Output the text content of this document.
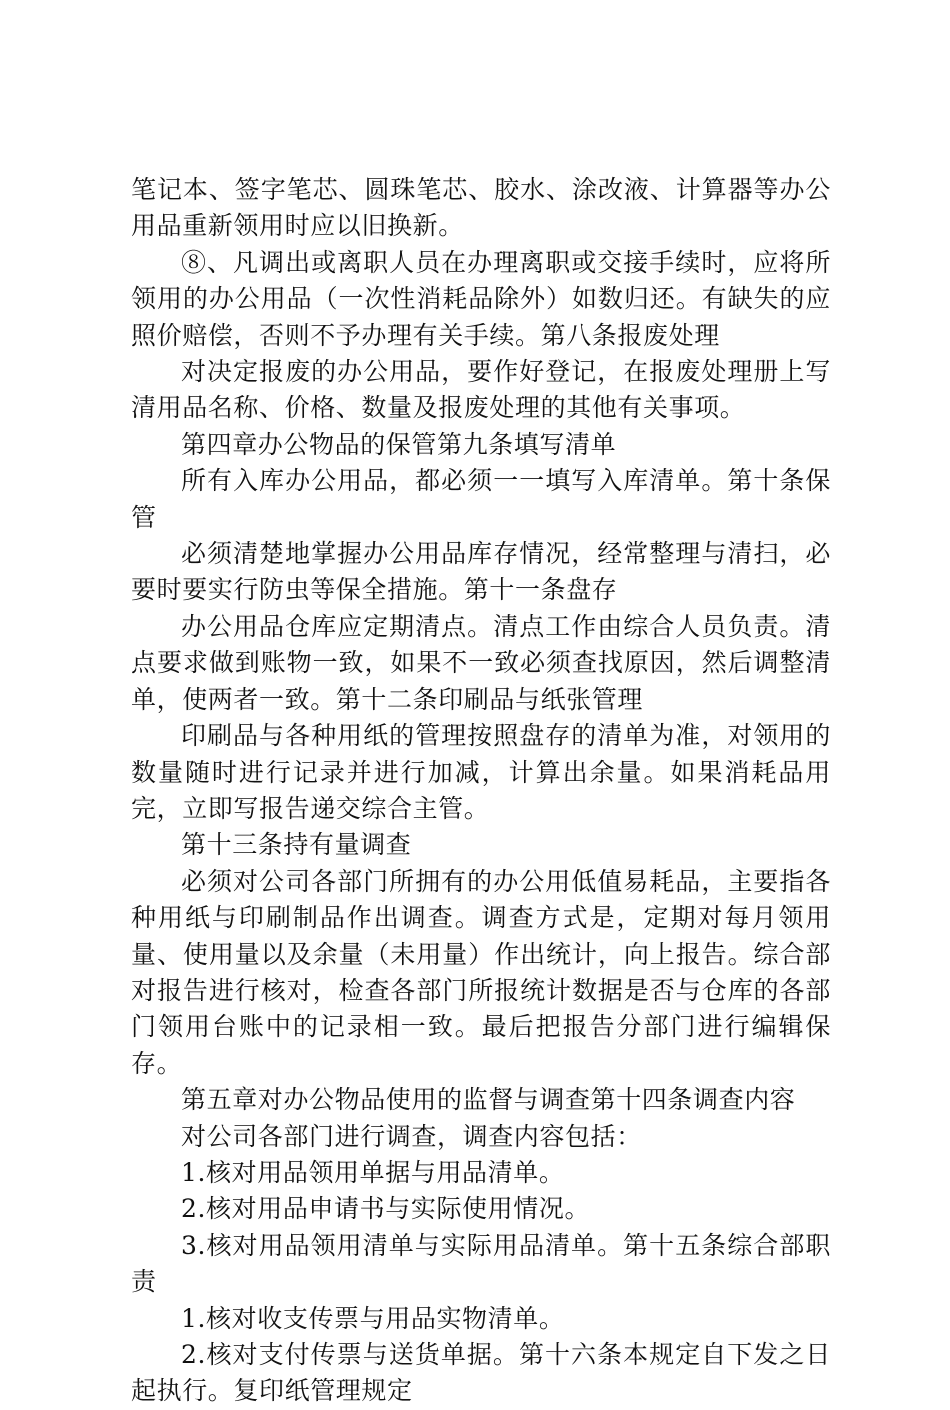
笔记本、签字笔芯、圆珠笔芯、胶水、涂改液、计算器等办公用品重新领用时应以旧换新。

⑧、凡调出或离职人员在办理离职或交接手续时，应将所领用的办公用品（一次性消耗品除外）如数归还。有缺失的应照价赔偿，否则不予办理有关手续。第八条报废处理

对决定报废的办公用品，要作好登记，在报废处理册上写清用品名称、价格、数量及报废处理的其他有关事项。

第四章办公物品的保管第九条填写清单

所有入库办公用品，都必须一一填写入库清单。第十条保管

必须清楚地掌握办公用品库存情况，经常整理与清扫，必要时要实行防虫等保全措施。第十一条盘存

办公用品仓库应定期清点。清点工作由综合人员负责。清点要求做到账物一致，如果不一致必须查找原因，然后调整清单，使两者一致。第十二条印刷品与纸张管理

印刷品与各种用纸的管理按照盘存的清单为准，对领用的数量随时进行记录并进行加减，计算出余量。如果消耗品用完，立即写报告递交综合主管。

第十三条持有量调查

必须对公司各部门所拥有的办公用低值易耗品，主要指各种用纸与印刷制品作出调查。调查方式是，定期对每月领用量、使用量以及余量（未用量）作出统计，向上报告。综合部对报告进行核对，检查各部门所报统计数据是否与仓库的各部门领用台账中的记录相一致。最后把报告分部门进行编辑保存。

第五章对办公物品使用的监督与调查第十四条调查内容

对公司各部门进行调查，调查内容包括：

1.核对用品领用单据与用品清单。

2.核对用品申请书与实际使用情况。

3.核对用品领用清单与实际用品清单。第十五条综合部职责

1.核对收支传票与用品实物清单。

2.核对支付传票与送货单据。第十六条本规定自下发之日起执行。复印纸管理规定
